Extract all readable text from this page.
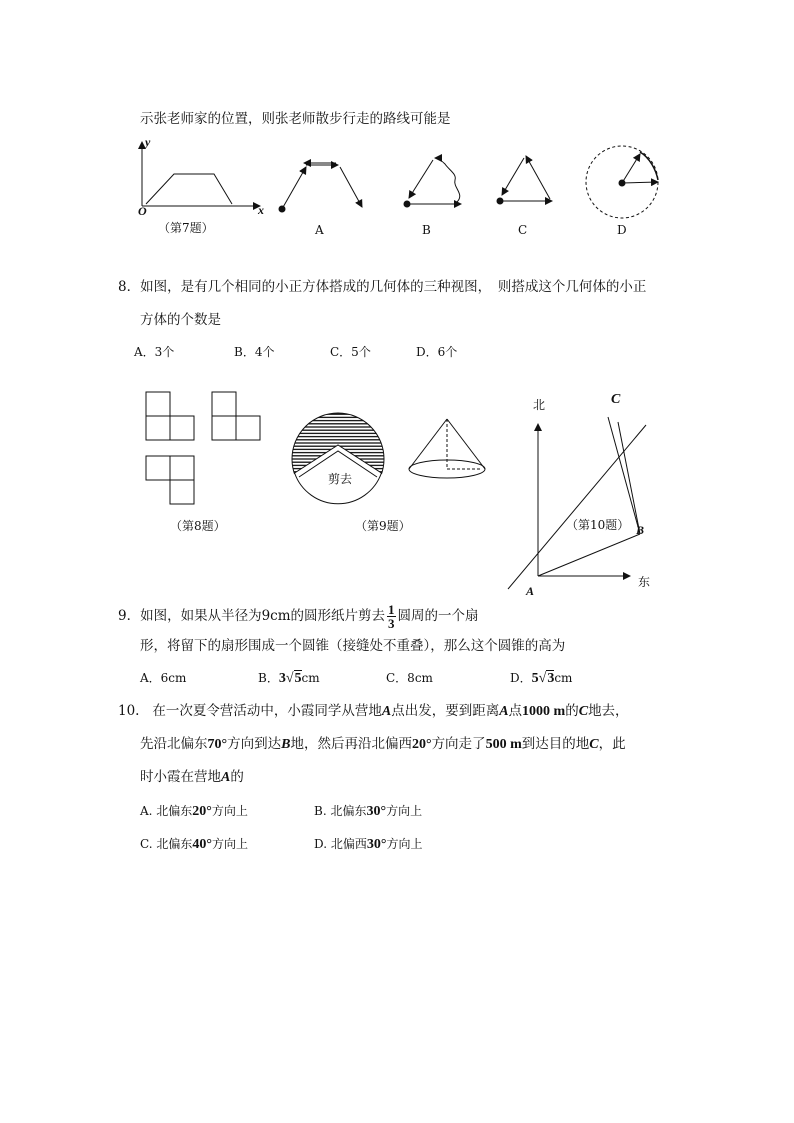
示张老师家的位置，则张老师散步行走的路线可能是
y
x
O
（第7题）	A	B	C	D
8．如图，是有几个相同的小正方体搭成的几何体的三种视图，　则搭成这个几何体的小正
方体的个数是
A．3个	B．4个	C．5个	D．6个
（第8题）
剪去
（第9题）
北
东
A
B
C
（第10题）
9．如图，如果从半径为9cm的圆形纸片剪去 $\frac{1}{3}$ 圆周的一个扇
形，将留下的扇形围成一个圆锥（接缝处不重叠），那么这个圆锥的高为
A．6cm	B．3√5cm	C．8cm	D．5√3cm
10. 在一次夏令营活动中，小霞同学从营地A点出发，要到距离A点1000 m的C地去，
先沿北偏东70°方向到达B地，然后再沿北偏西20°方向走了500 m到达目的地C，此
时小霞在营地A的
A. 北偏东20°方向上	B. 北偏东30°方向上
C. 北偏东40°方向上	D. 北偏西30°方向上
